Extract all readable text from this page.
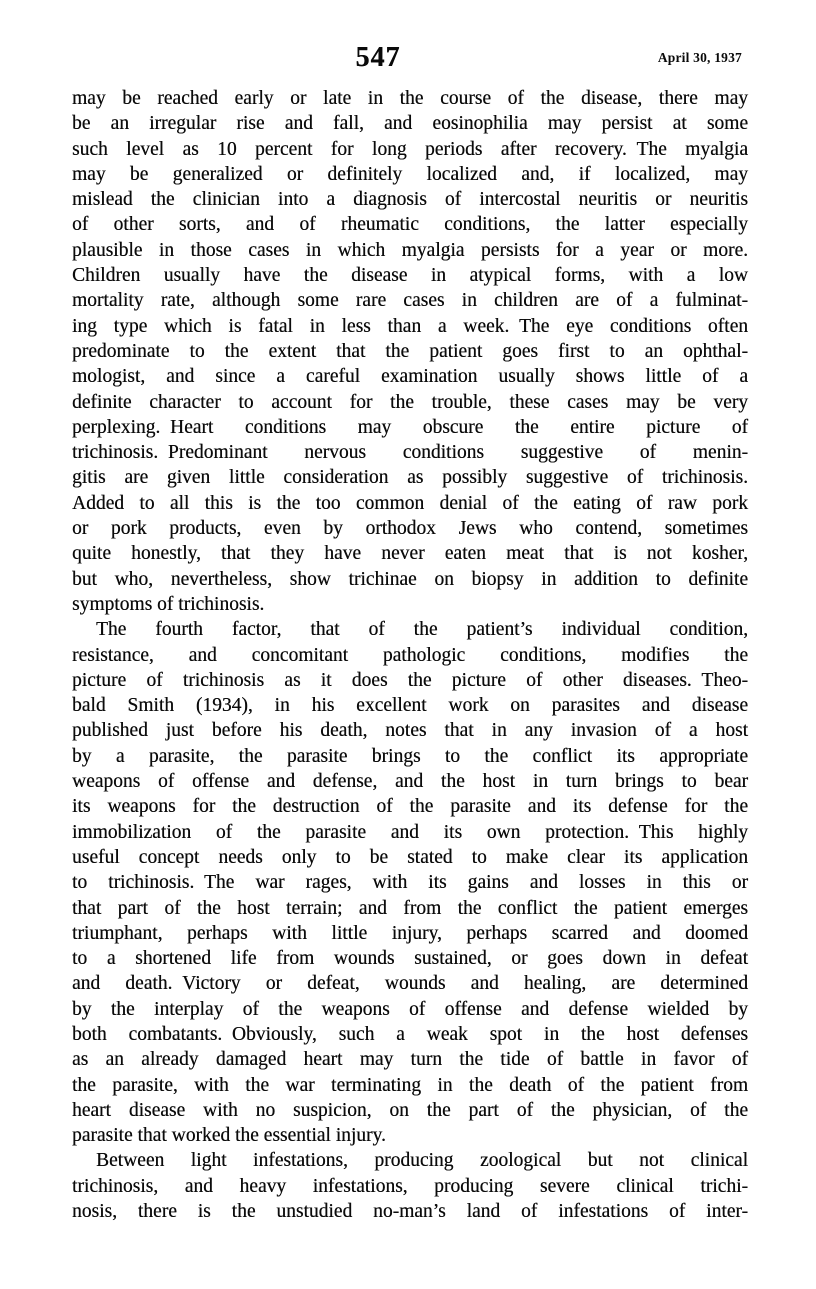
547	April 30, 1937
may be reached early or late in the course of the disease, there may
be an irregular rise and fall, and eosinophilia may persist at some
such level as 10 percent for long periods after recovery. The myalgia
may be generalized or definitely localized and, if localized, may
mislead the clinician into a diagnosis of intercostal neuritis or neuritis
of other sorts, and of rheumatic conditions, the latter especially
plausible in those cases in which myalgia persists for a year or more.
Children usually have the disease in atypical forms, with a low
mortality rate, although some rare cases in children are of a fulminat-
ing type which is fatal in less than a week. The eye conditions often
predominate to the extent that the patient goes first to an ophthal-
mologist, and since a careful examination usually shows little of a
definite character to account for the trouble, these cases may be very
perplexing. Heart conditions may obscure the entire picture of
trichinosis. Predominant nervous conditions suggestive of menin-
gitis are given little consideration as possibly suggestive of trichinosis.
Added to all this is the too common denial of the eating of raw pork
or pork products, even by orthodox Jews who contend, sometimes
quite honestly, that they have never eaten meat that is not kosher,
but who, nevertheless, show trichinae on biopsy in addition to definite
symptoms of trichinosis.
The fourth factor, that of the patient’s individual condition,
resistance, and concomitant pathologic conditions, modifies the
picture of trichinosis as it does the picture of other diseases. Theo-
bald Smith (1934), in his excellent work on parasites and disease
published just before his death, notes that in any invasion of a host
by a parasite, the parasite brings to the conflict its appropriate
weapons of offense and defense, and the host in turn brings to bear
its weapons for the destruction of the parasite and its defense for the
immobilization of the parasite and its own protection. This highly
useful concept needs only to be stated to make clear its application
to trichinosis. The war rages, with its gains and losses in this or
that part of the host terrain; and from the conflict the patient emerges
triumphant, perhaps with little injury, perhaps scarred and doomed
to a shortened life from wounds sustained, or goes down in defeat
and death. Victory or defeat, wounds and healing, are determined
by the interplay of the weapons of offense and defense wielded by
both combatants. Obviously, such a weak spot in the host defenses
as an already damaged heart may turn the tide of battle in favor of
the parasite, with the war terminating in the death of the patient from
heart disease with no suspicion, on the part of the physician, of the
parasite that worked the essential injury.
Between light infestations, producing zoological but not clinical
trichinosis, and heavy infestations, producing severe clinical trichi-
nosis, there is the unstudied no-man’s land of infestations of inter-
